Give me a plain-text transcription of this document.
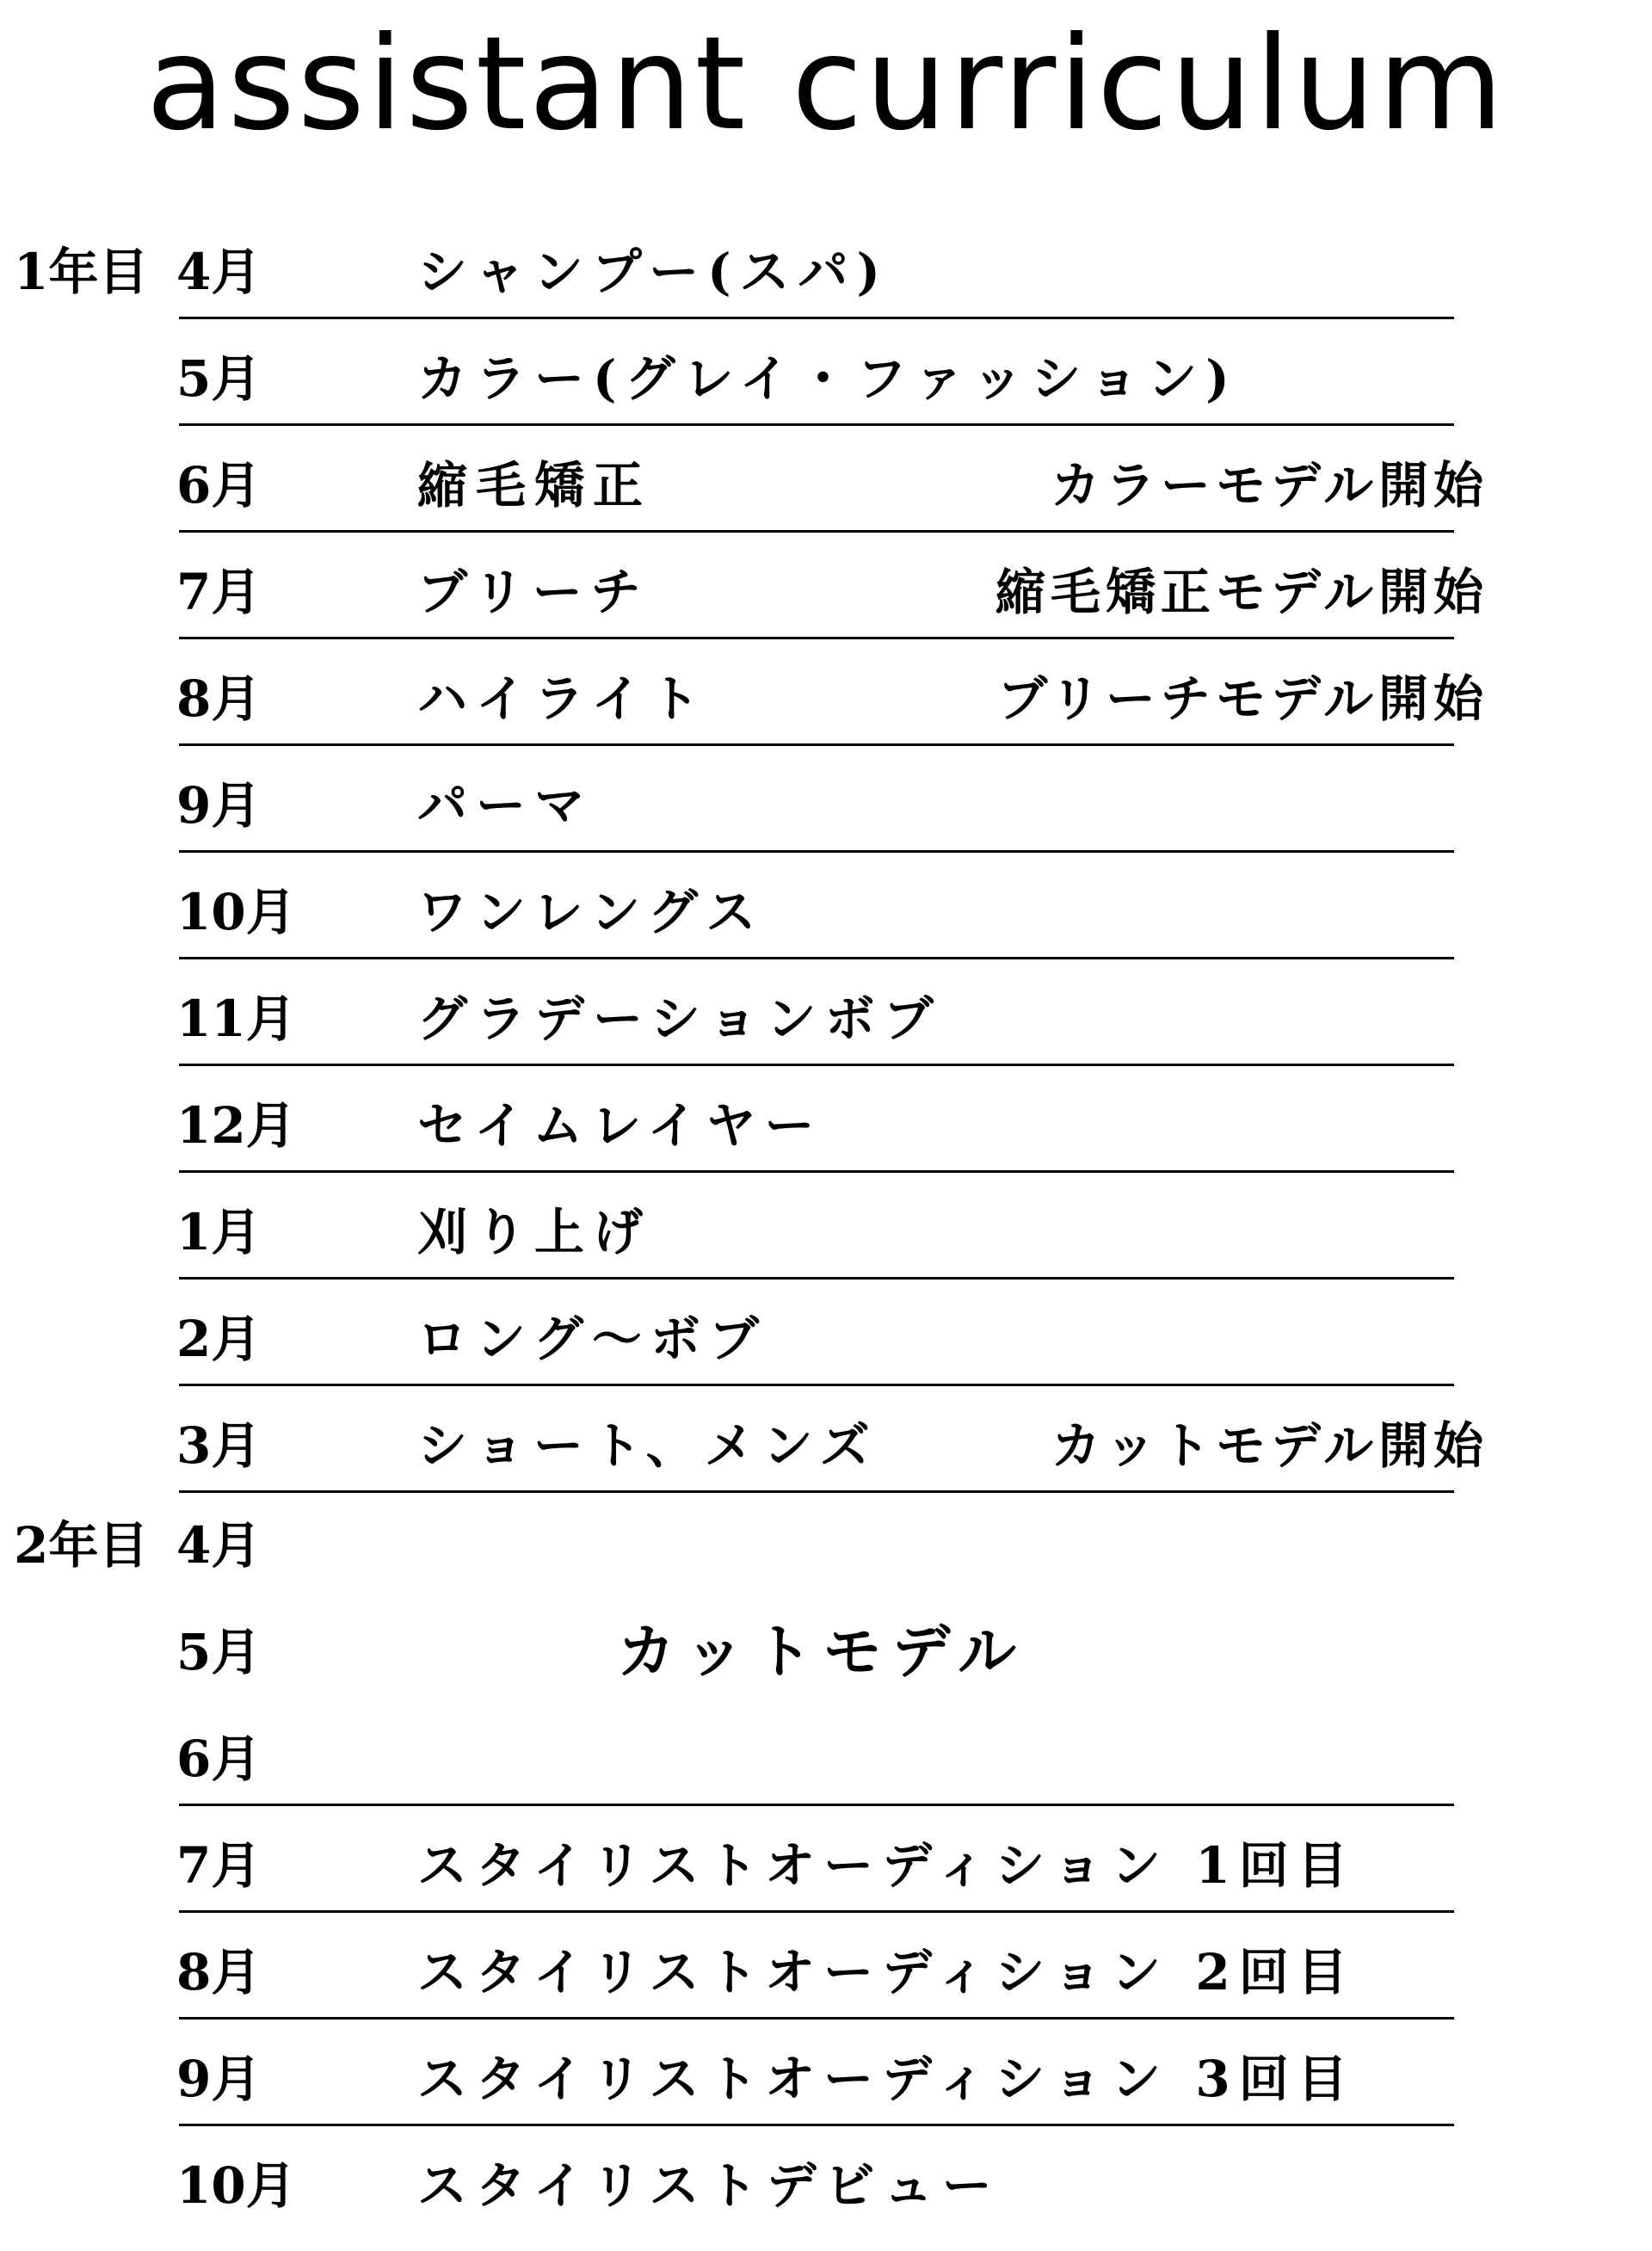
assistant curriculum
1年目 4月	シャンプー(スパ)
5月	カラー(グレイ・ファッション)
6月	縮毛矯正	カラーモデル開始
7月	ブリーチ	縮毛矯正モデル開始
8月	ハイライト	ブリーチモデル開始
9月	パーマ
10月	ワンレングス
11月	グラデーションボブ
12月	セイムレイヤー
1月	刈り上げ
2月	ロング〜ボブ
3月	ショート、メンズ	カットモデル開始
2年目 4月
5月	カットモデル
6月
7月	スタイリストオーディション 1回目
8月	スタイリストオーディション 2回目
9月	スタイリストオーディション 3回目
10月	スタイリストデビュー
